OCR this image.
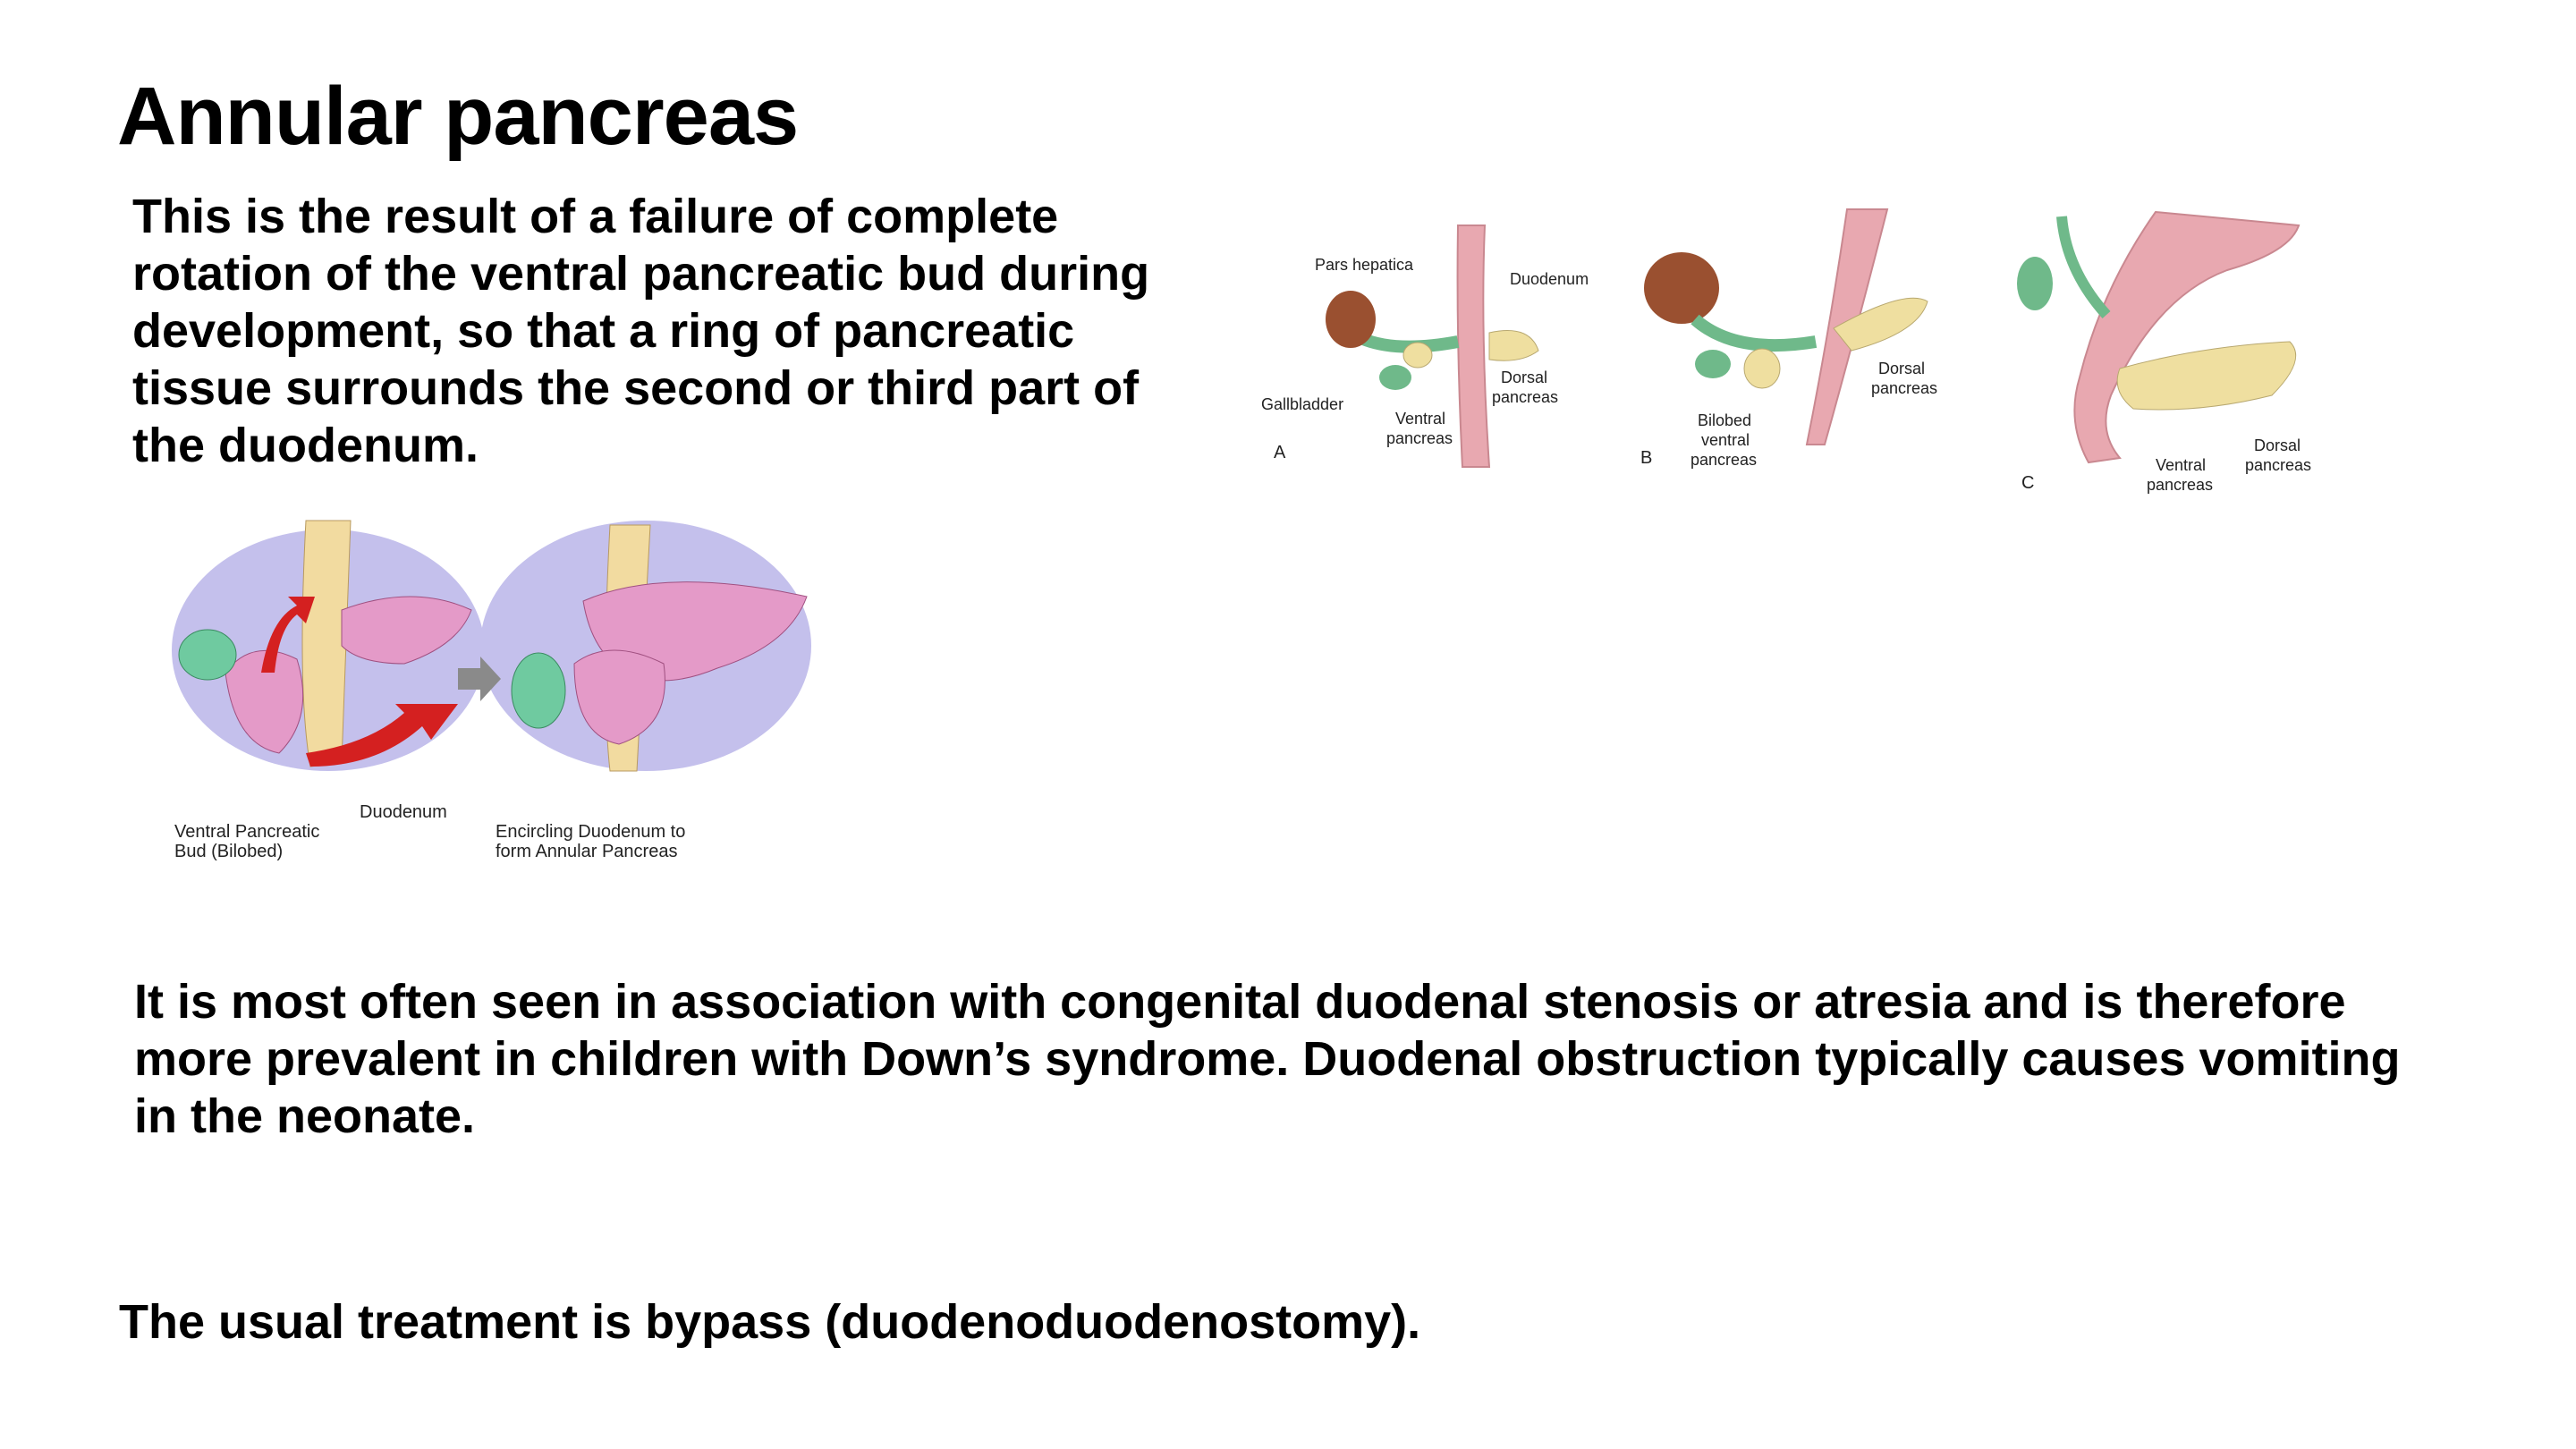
Annular pancreas

This is the result of a failure of complete rotation of the ventral pancreatic bud during development, so that a ring of pancreatic tissue surrounds the second or third part of the duodenum.

It is most often seen in association with congenital duodenal stenosis or atresia and is therefore more prevalent in children with Down’s syndrome. Duodenal obstruction typically causes vomiting in the neonate.

The usual treatment is bypass (duodenoduodenostomy).

Pars hepatica
Duodenum
Dorsal
pancreas
Gallbladder
Ventral
pancreas
A
Dorsal
pancreas
Bilobed
ventral
pancreas
B	Ventral
pancreas
Dorsal
pancreas
C
Duodenum
Ventral Pancreatic
Bud (Bilobed)
Encircling Duodenum to
form Annular Pancreas
